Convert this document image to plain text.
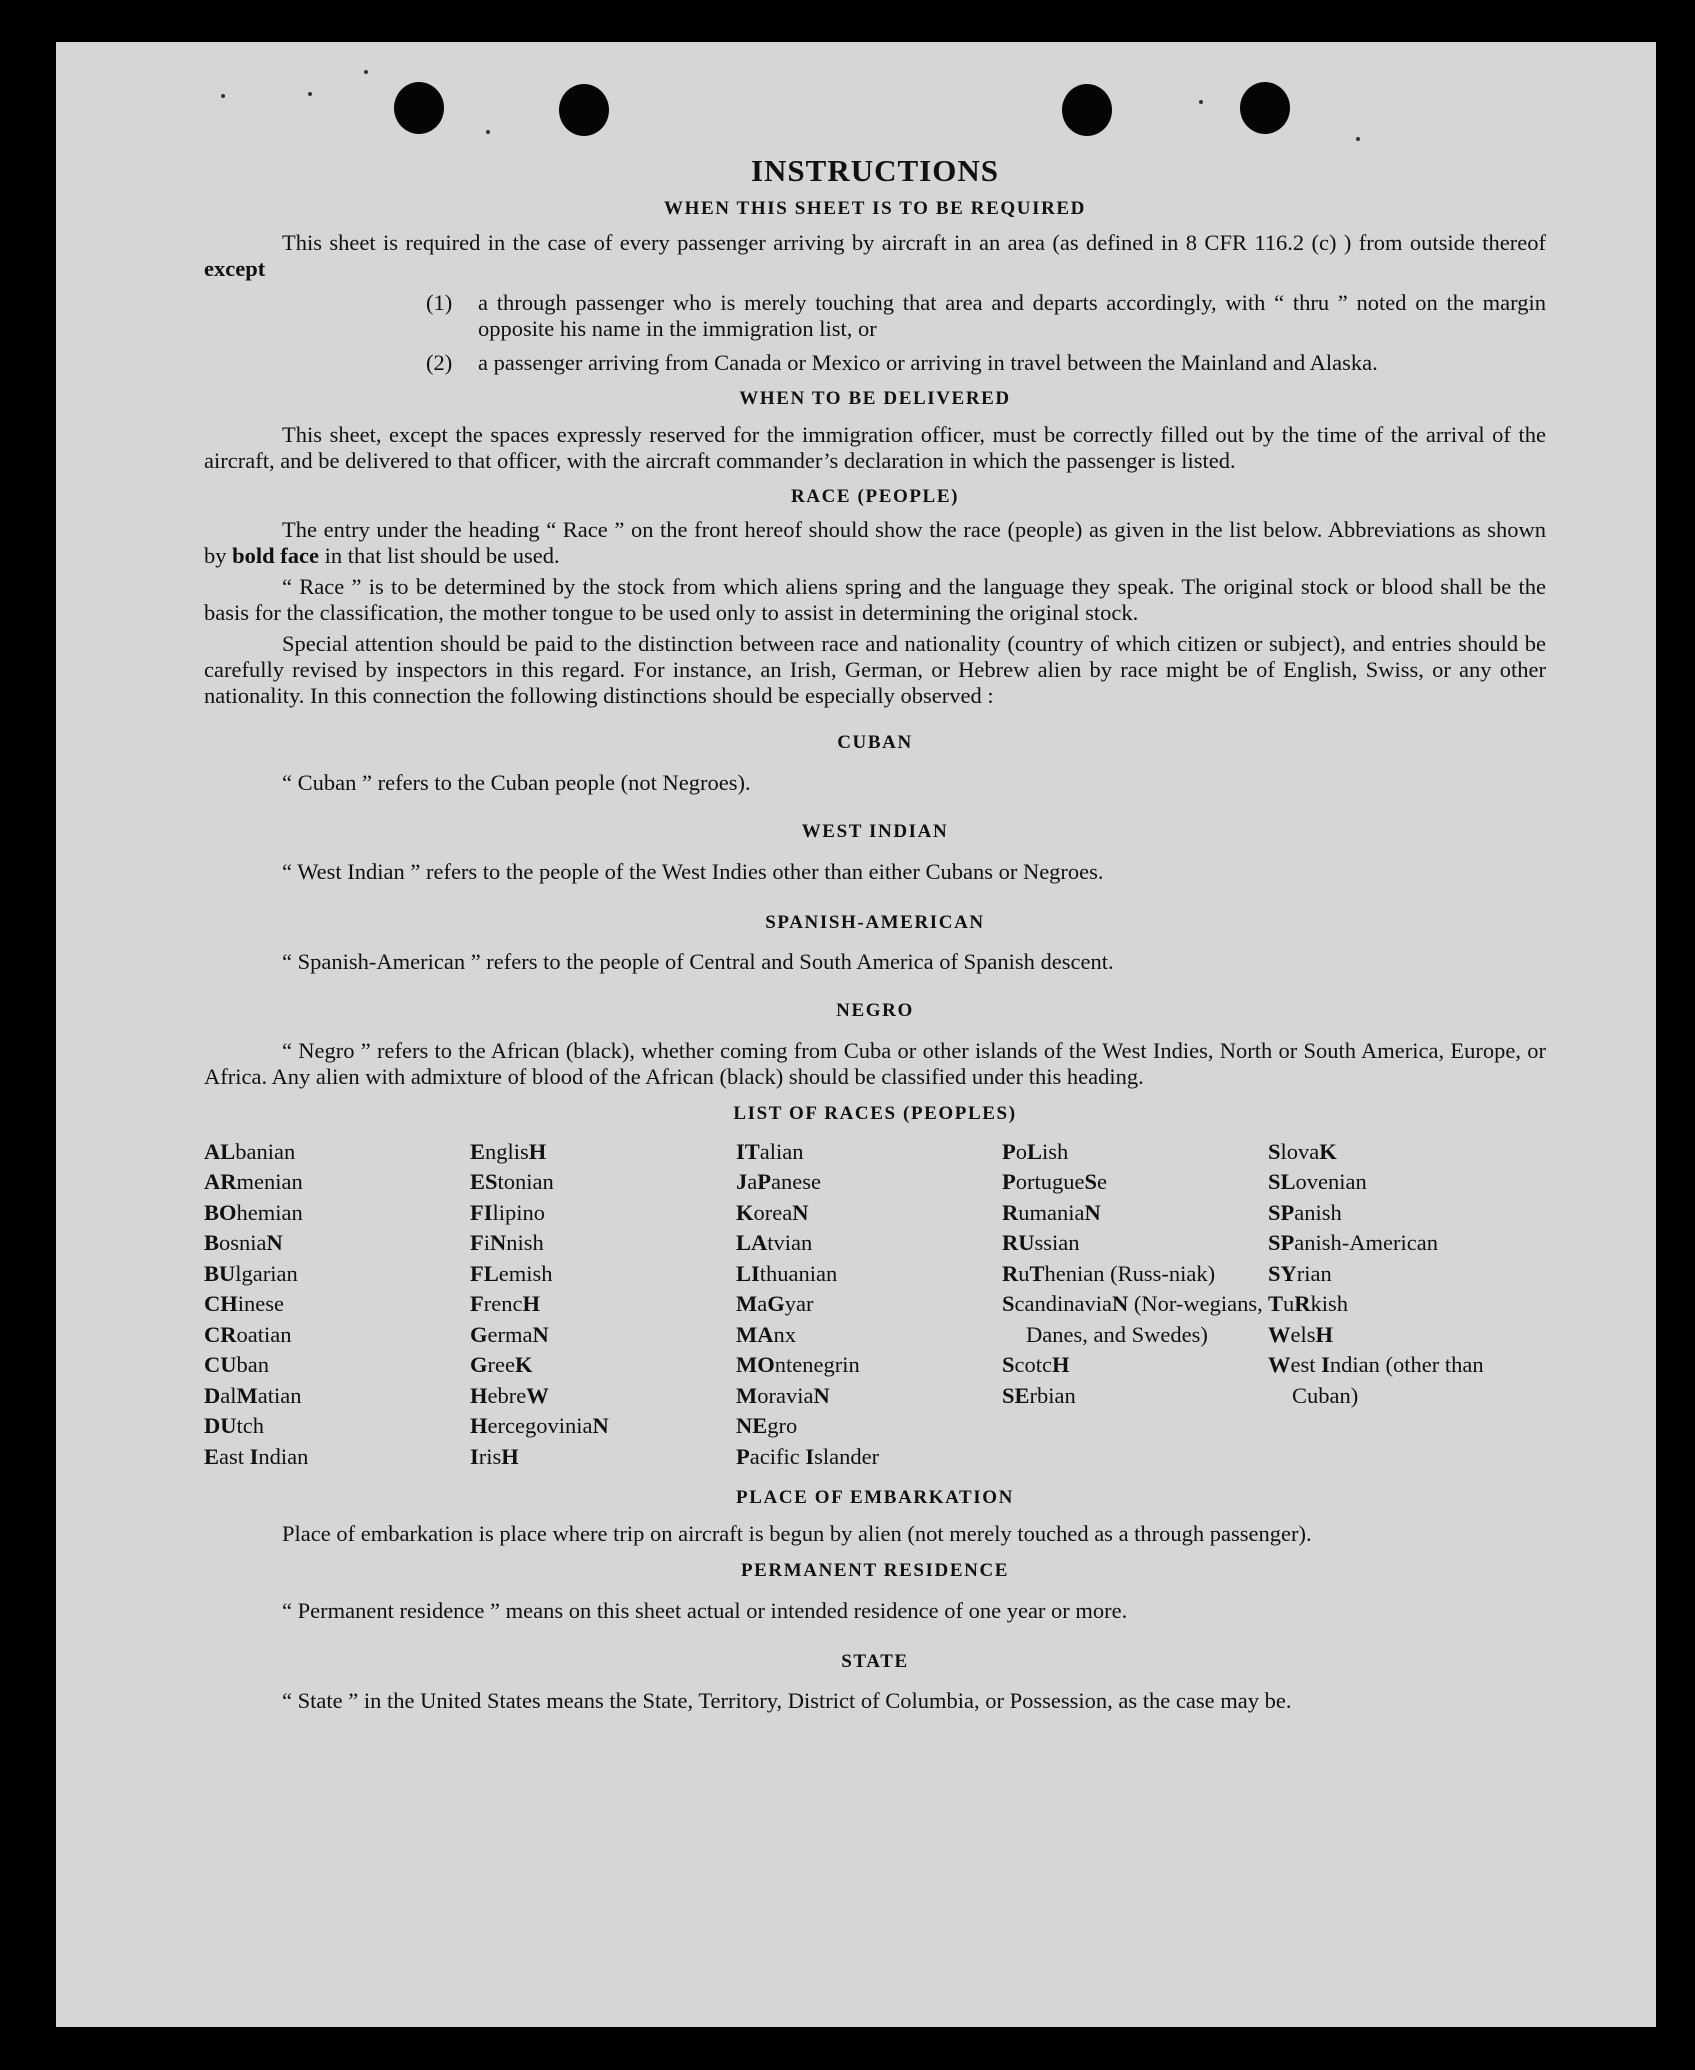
INSTRUCTIONS
WHEN THIS SHEET IS TO BE REQUIRED
This sheet is required in the case of every passenger arriving by aircraft in an area (as defined in 8 CFR 116.2 (c) ) from outside thereof except
(1)	a through passenger who is merely touching that area and departs accordingly, with “ thru ” noted on the margin opposite his name in the immigration list, or
(2)	a passenger arriving from Canada or Mexico or arriving in travel between the Mainland and Alaska.
WHEN TO BE DELIVERED
This sheet, except the spaces expressly reserved for the immigration officer, must be correctly filled out by the time of the arrival of the aircraft, and be delivered to that officer, with the aircraft commander’s declaration in which the passenger is listed.
RACE (PEOPLE)
The entry under the heading “ Race ” on the front hereof should show the race (people) as given in the list below. Abbreviations as shown by bold face in that list should be used.
“ Race ” is to be determined by the stock from which aliens spring and the language they speak. The original stock or blood shall be the basis for the classification, the mother tongue to be used only to assist in determining the original stock.
Special attention should be paid to the distinction between race and nationality (country of which citizen or subject), and entries should be carefully revised by inspectors in this regard. For instance, an Irish, German, or Hebrew alien by race might be of English, Swiss, or any other nationality. In this connection the following distinctions should be especially observed :
CUBAN
“ Cuban ” refers to the Cuban people (not Negroes).
WEST INDIAN
“ West Indian ” refers to the people of the West Indies other than either Cubans or Negroes.
SPANISH-AMERICAN
“ Spanish-American ” refers to the people of Central and South America of Spanish descent.
NEGRO
“ Negro ” refers to the African (black), whether coming from Cuba or other islands of the West Indies, North or South America, Europe, or Africa. Any alien with admixture of blood of the African (black) should be classified under this heading.
LIST OF RACES (PEOPLES)
ALbanian
ARmenian
BOhemian
BosniaN
BUlgarian
CHinese
CRoatian
CUban
DalMatian
DUtch
East Indian
EnglisH
EStonian
FIlipino
FiNnish
FLemish
FrencH
GermaN
GreeK
HebreW
HercegoviniaN
IrisH
ITalian
JaPanese
KoreaN
LAtvian
LIthuanian
MaGyar
MAnx
MOntenegrin
MoraviaN
NEgro
Pacific Islander
PoLish
PortugueSe
RumaniaN
RUssian
RuThenian (Russ-niak)
ScandinaviaN (Nor-wegians, Danes, and Swedes)
ScotcH
SErbian
SlovaK
SLovenian
SPanish
SPanish-American
SYrian
TuRkish
WelsH
West Indian (other than Cuban)
PLACE OF EMBARKATION
Place of embarkation is place where trip on aircraft is begun by alien (not merely touched as a through passenger).
PERMANENT RESIDENCE
“ Permanent residence ” means on this sheet actual or intended residence of one year or more.
STATE
“ State ” in the United States means the State, Territory, District of Columbia, or Possession, as the case may be.
